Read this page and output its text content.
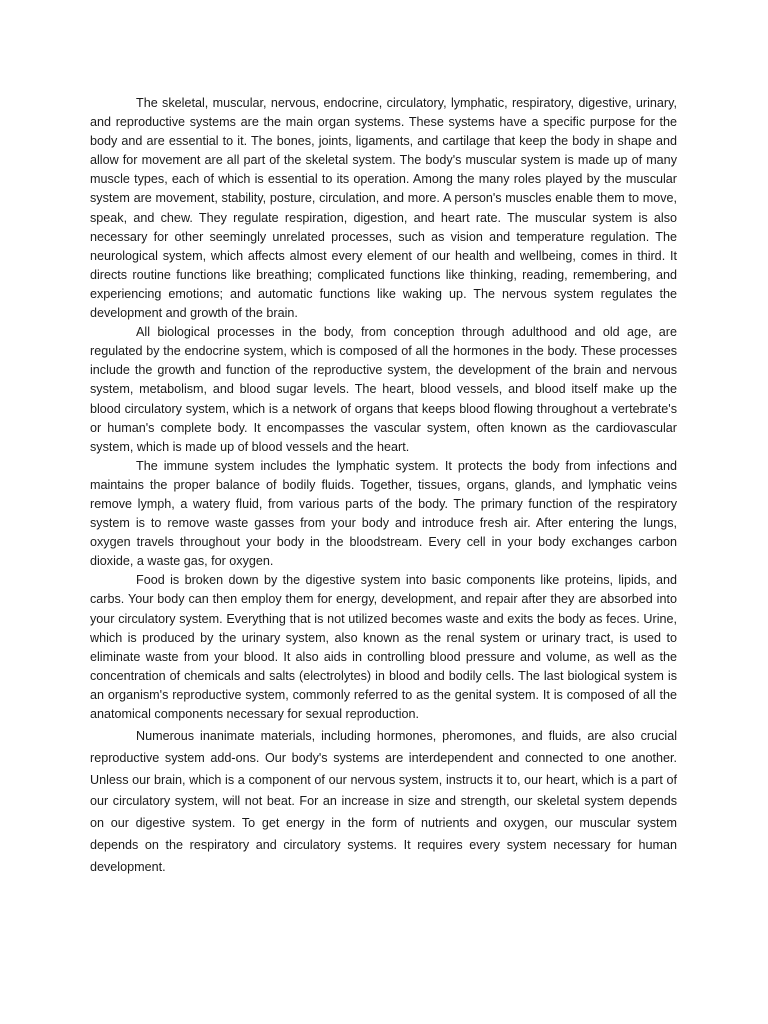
The skeletal, muscular, nervous, endocrine, circulatory, lymphatic, respiratory, digestive, urinary, and reproductive systems are the main organ systems. These systems have a specific purpose for the body and are essential to it. The bones, joints, ligaments, and cartilage that keep the body in shape and allow for movement are all part of the skeletal system. The body's muscular system is made up of many muscle types, each of which is essential to its operation. Among the many roles played by the muscular system are movement, stability, posture, circulation, and more. A person's muscles enable them to move, speak, and chew. They regulate respiration, digestion, and heart rate. The muscular system is also necessary for other seemingly unrelated processes, such as vision and temperature regulation. The neurological system, which affects almost every element of our health and wellbeing, comes in third. It directs routine functions like breathing; complicated functions like thinking, reading, remembering, and experiencing emotions; and automatic functions like waking up. The nervous system regulates the development and growth of the brain.

All biological processes in the body, from conception through adulthood and old age, are regulated by the endocrine system, which is composed of all the hormones in the body. These processes include the growth and function of the reproductive system, the development of the brain and nervous system, metabolism, and blood sugar levels. The heart, blood vessels, and blood itself make up the blood circulatory system, which is a network of organs that keeps blood flowing throughout a vertebrate's or human's complete body. It encompasses the vascular system, often known as the cardiovascular system, which is made up of blood vessels and the heart.

The immune system includes the lymphatic system. It protects the body from infections and maintains the proper balance of bodily fluids. Together, tissues, organs, glands, and lymphatic veins remove lymph, a watery fluid, from various parts of the body. The primary function of the respiratory system is to remove waste gasses from your body and introduce fresh air. After entering the lungs, oxygen travels throughout your body in the bloodstream. Every cell in your body exchanges carbon dioxide, a waste gas, for oxygen.

Food is broken down by the digestive system into basic components like proteins, lipids, and carbs. Your body can then employ them for energy, development, and repair after they are absorbed into your circulatory system. Everything that is not utilized becomes waste and exits the body as feces. Urine, which is produced by the urinary system, also known as the renal system or urinary tract, is used to eliminate waste from your blood. It also aids in controlling blood pressure and volume, as well as the concentration of chemicals and salts (electrolytes) in blood and bodily cells. The last biological system is an organism's reproductive system, commonly referred to as the genital system. It is composed of all the anatomical components necessary for sexual reproduction.

Numerous inanimate materials, including hormones, pheromones, and fluids, are also crucial reproductive system add-ons. Our body's systems are interdependent and connected to one another. Unless our brain, which is a component of our nervous system, instructs it to, our heart, which is a part of our circulatory system, will not beat. For an increase in size and strength, our skeletal system depends on our digestive system. To get energy in the form of nutrients and oxygen, our muscular system depends on the respiratory and circulatory systems. It requires every system necessary for human development.
